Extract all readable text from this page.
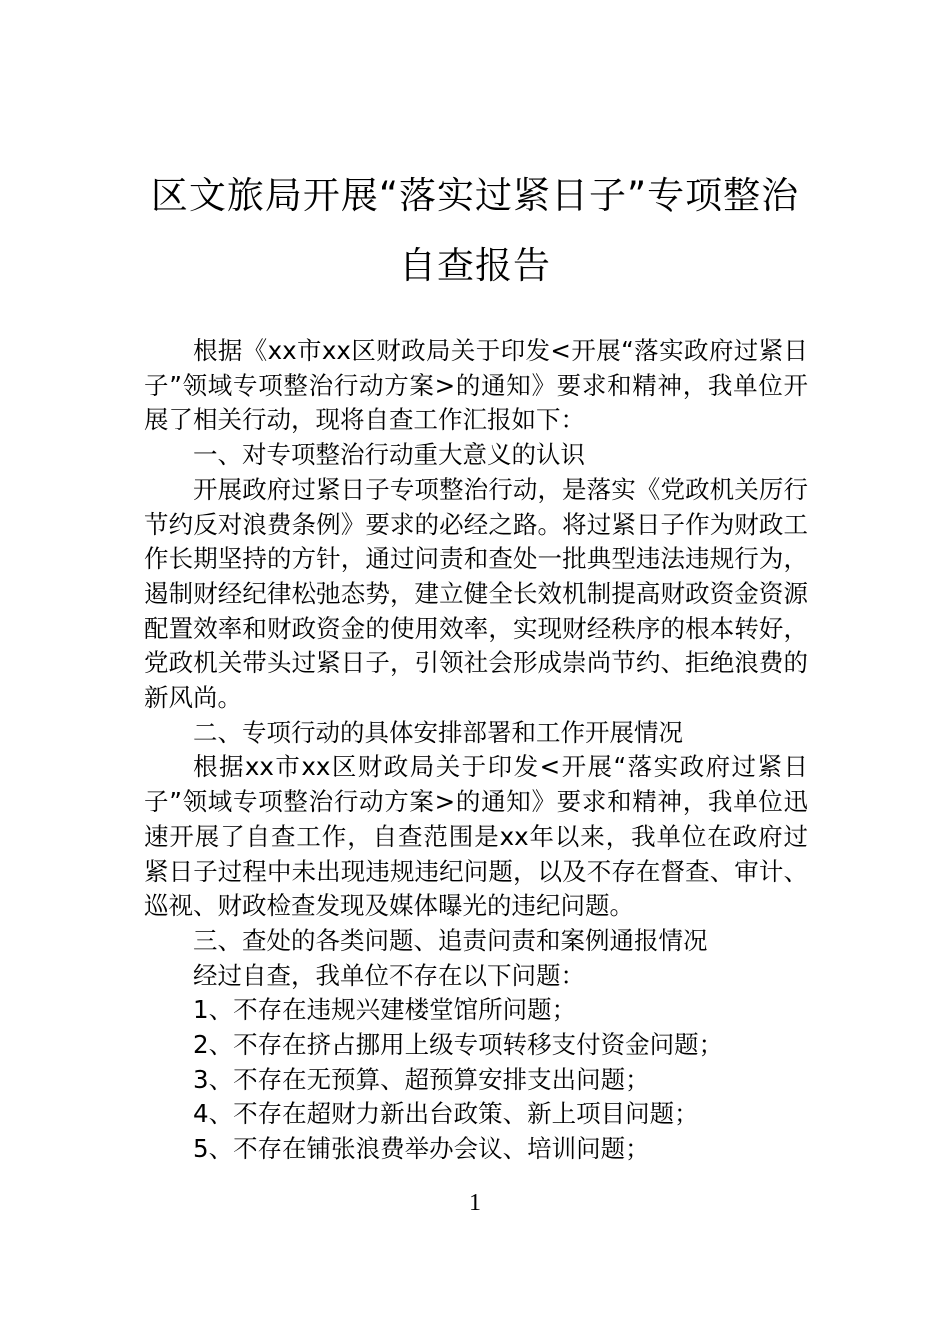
区文旅局开展“落实过紧日子”专项整治
自查报告

根据《xx市xx区财政局关于印发<开展“落实政府过紧日子”领域专项整治行动方案>的通知》要求和精神，我单位开展了相关行动，现将自查工作汇报如下：

一、对专项整治行动重大意义的认识

开展政府过紧日子专项整治行动，是落实《党政机关厉行节约反对浪费条例》要求的必经之路。将过紧日子作为财政工作长期坚持的方针，通过问责和查处一批典型违法违规行为，遏制财经纪律松弛态势，建立健全长效机制提高财政资金资源配置效率和财政资金的使用效率，实现财经秩序的根本转好，党政机关带头过紧日子，引领社会形成崇尚节约、拒绝浪费的新风尚。

二、专项行动的具体安排部署和工作开展情况

根据xx市xx区财政局关于印发<开展“落实政府过紧日子”领域专项整治行动方案>的通知》要求和精神，我单位迅速开展了自查工作，自查范围是xx年以来，我单位在政府过紧日子过程中未出现违规违纪问题，以及不存在督查、审计、巡视、财政检查发现及媒体曝光的违纪问题。

三、查处的各类问题、追责问责和案例通报情况

经过自查，我单位不存在以下问题：

1、不存在违规兴建楼堂馆所问题；

2、不存在挤占挪用上级专项转移支付资金问题；

3、不存在无预算、超预算安排支出问题；

4、不存在超财力新出台政策、新上项目问题；

5、不存在铺张浪费举办会议、培训问题；

1
